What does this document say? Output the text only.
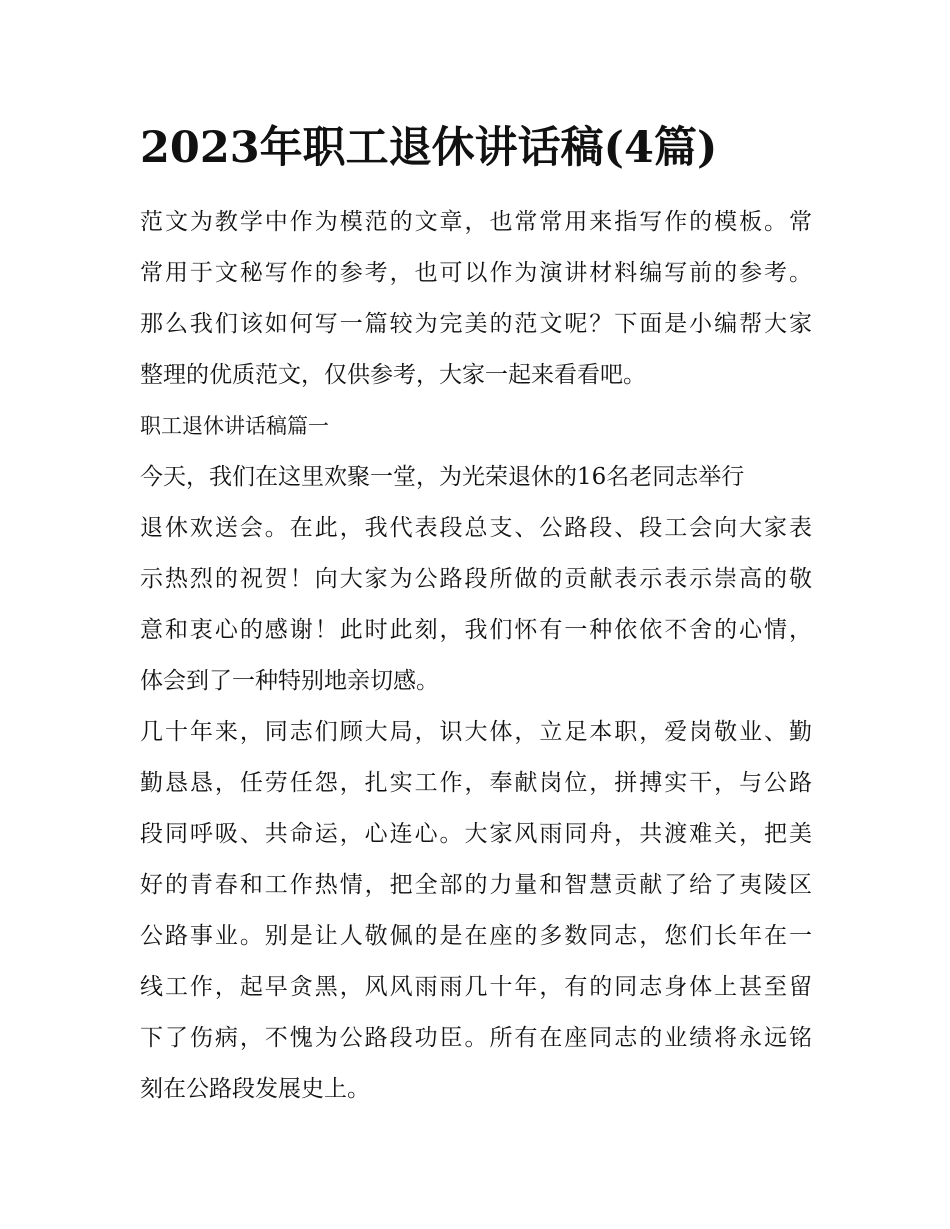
2023年职工退休讲话稿(4篇)
范文为教学中作为模范的文章，也常常用来指写作的模板。常
常用于文秘写作的参考，也可以作为演讲材料编写前的参考。
那么我们该如何写一篇较为完美的范文呢？下面是小编帮大家
整理的优质范文，仅供参考，大家一起来看看吧。
职工退休讲话稿篇一
今天，我们在这里欢聚一堂，为光荣退休的16名老同志举行
退休欢送会。在此，我代表段总支、公路段、段工会向大家表
示热烈的祝贺！向大家为公路段所做的贡献表示表示崇高的敬
意和衷心的感谢！此时此刻，我们怀有一种依依不舍的心情，
体会到了一种特别地亲切感。
几十年来，同志们顾大局，识大体，立足本职，爱岗敬业、勤
勤恳恳，任劳任怨，扎实工作，奉献岗位，拼搏实干，与公路
段同呼吸、共命运，心连心。大家风雨同舟，共渡难关，把美
好的青春和工作热情，把全部的力量和智慧贡献了给了夷陵区
公路事业。别是让人敬佩的是在座的多数同志，您们长年在一
线工作，起早贪黑，风风雨雨几十年，有的同志身体上甚至留
下了伤病，不愧为公路段功臣。所有在座同志的业绩将永远铭
刻在公路段发展史上。
